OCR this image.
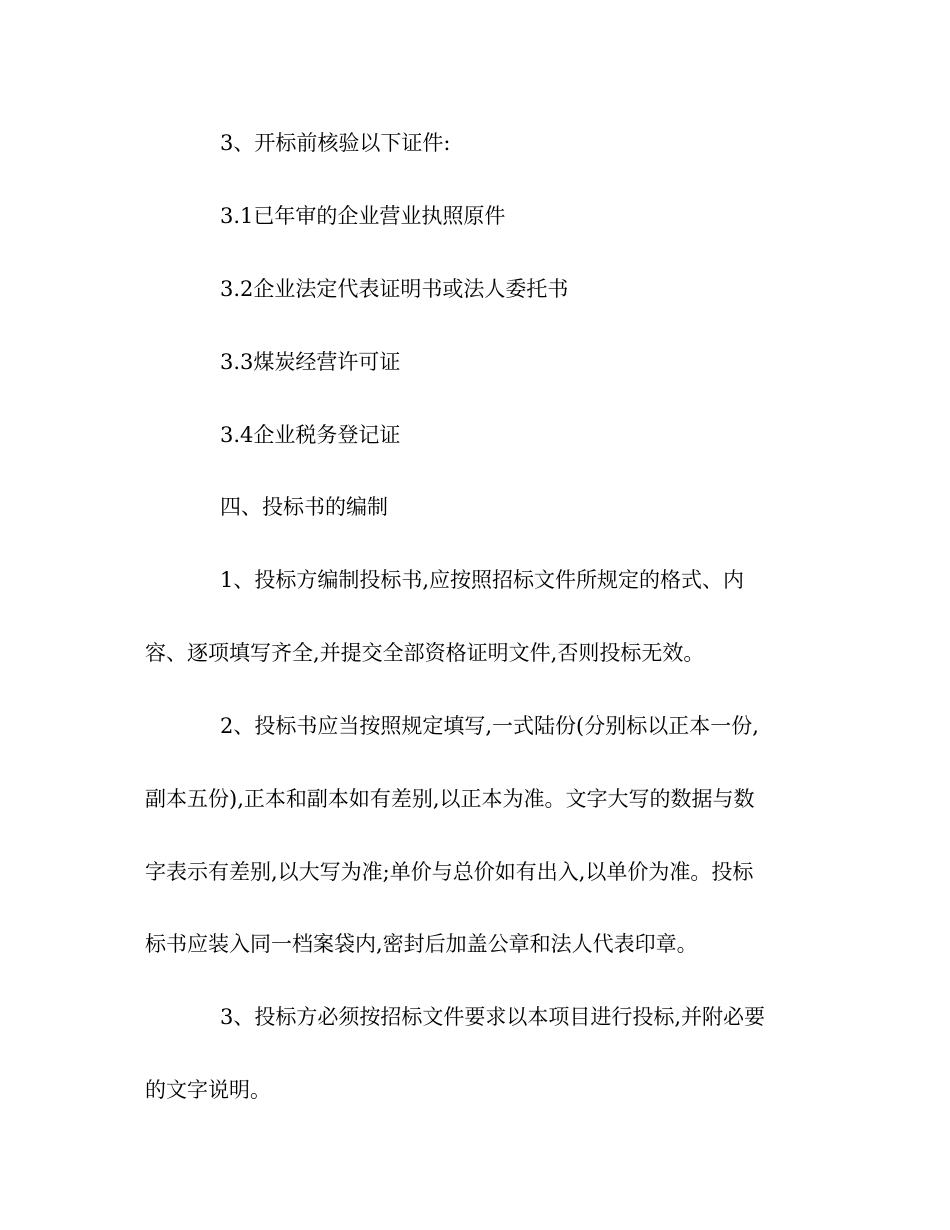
3、开标前核验以下证件:

3.1已年审的企业营业执照原件

3.2企业法定代表证明书或法人委托书

3.3煤炭经营许可证

3.4企业税务登记证

四、投标书的编制

1、投标方编制投标书,应按照招标文件所规定的格式、内

容、逐项填写齐全,并提交全部资格证明文件,否则投标无效。

2、投标书应当按照规定填写,一式陆份(分别标以正本一份,

副本五份),正本和副本如有差别,以正本为准。文字大写的数据与数

字表示有差别,以大写为准;单价与总价如有出入,以单价为准。投标

标书应装入同一档案袋内,密封后加盖公章和法人代表印章。

3、投标方必须按招标文件要求以本项目进行投标,并附必要

的文字说明。
